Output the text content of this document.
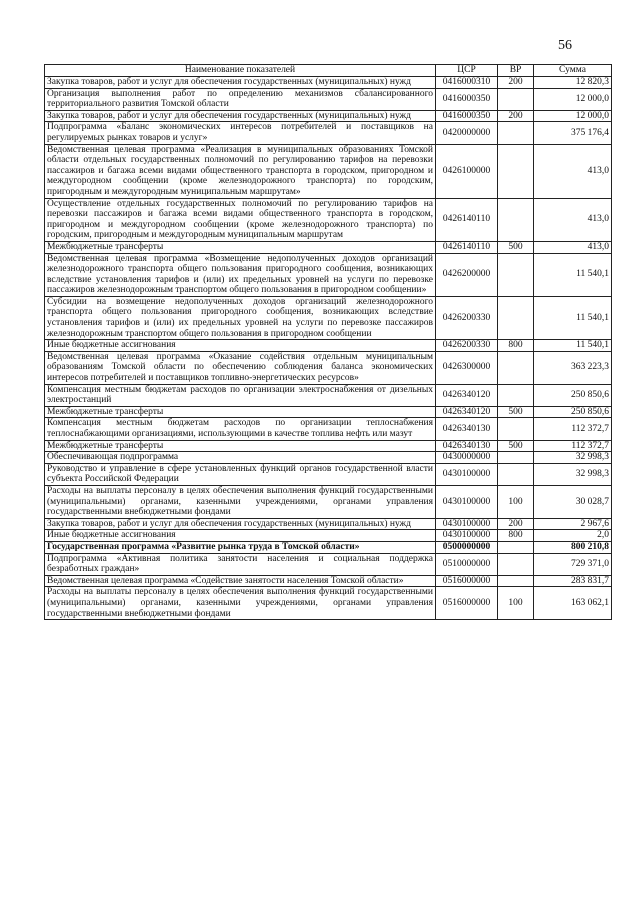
56
Наименование показателей	ЦСР	ВР	Сумма
Закупка товаров, работ и услуг для обеспечения государственных (муниципальных) нужд	0416000310	200	12 820,3
Организация выполнения работ по определению механизмов сбалансированного территориального развития Томской области	0416000350		12 000,0
Закупка товаров, работ и услуг для обеспечения государственных (муниципальных) нужд	0416000350	200	12 000,0
Подпрограмма «Баланс экономических интересов потребителей и поставщиков на регулируемых рынках товаров и услуг»	0420000000		375 176,4
Ведомственная целевая программа «Реализация в муниципальных образованиях Томской области отдельных государственных полномочий по регулированию тарифов на перевозки пассажиров и багажа всеми видами общественного транспорта в городском, пригородном и междугородном сообщении (кроме железнодорожного транспорта) по городским, пригородным и междугородным муниципальным маршрутам»	0426100000		413,0
Осуществление отдельных государственных полномочий по регулированию тарифов на перевозки пассажиров и багажа всеми видами общественного транспорта в городском, пригородном и междугородном сообщении (кроме железнодорожного транспорта) по городским, пригородным и междугородным муниципальным маршрутам	0426140110		413,0
Межбюджетные трансферты	0426140110	500	413,0
Ведомственная целевая программа «Возмещение недополученных доходов организаций железнодорожного транспорта общего пользования пригородного сообщения, возникающих вследствие установления тарифов и (или) их предельных уровней на услуги по перевозке пассажиров железнодорожным транспортом общего пользования в пригородном сообщении»	0426200000		11 540,1
Субсидии на возмещение недополученных доходов организаций железнодорожного транспорта общего пользования пригородного сообщения, возникающих вследствие установления тарифов и (или) их предельных уровней на услуги по перевозке пассажиров железнодорожным транспортом общего пользования в пригородном сообщении	0426200330		11 540,1
Иные бюджетные ассигнования	0426200330	800	11 540,1
Ведомственная целевая программа «Оказание содействия отдельным муниципальным образованиям Томской области по обеспечению соблюдения баланса экономических интересов потребителей и поставщиков топливно-энергетических ресурсов»	0426300000		363 223,3
Компенсация местным бюджетам расходов по организации электроснабжения от дизельных электростанций	0426340120		250 850,6
Межбюджетные трансферты	0426340120	500	250 850,6
Компенсация местным бюджетам расходов по организации теплоснабжения теплоснабжающими организациями, использующими в качестве топлива нефть или мазут	0426340130		112 372,7
Межбюджетные трансферты	0426340130	500	112 372,7
Обеспечивающая подпрограмма	0430000000		32 998,3
Руководство и управление в сфере установленных функций органов государственной власти субъекта Российской Федерации	0430100000		32 998,3
Расходы на выплаты персоналу в целях обеспечения выполнения функций государственными (муниципальными) органами, казенными учреждениями, органами управления государственными внебюджетными фондами	0430100000	100	30 028,7
Закупка товаров, работ и услуг для обеспечения государственных (муниципальных) нужд	0430100000	200	2 967,6
Иные бюджетные ассигнования	0430100000	800	2,0
Государственная программа «Развитие рынка труда в Томской области»	0500000000		800 210,8
Подпрограмма «Активная политика занятости населения и социальная поддержка безработных граждан»	0510000000		729 371,0
Ведомственная целевая программа «Содействие занятости населения Томской области»	0516000000		283 831,7
Расходы на выплаты персоналу в целях обеспечения выполнения функций государственными (муниципальными) органами, казенными учреждениями, органами управления государственными внебюджетными фондами	0516000000	100	163 062,1
